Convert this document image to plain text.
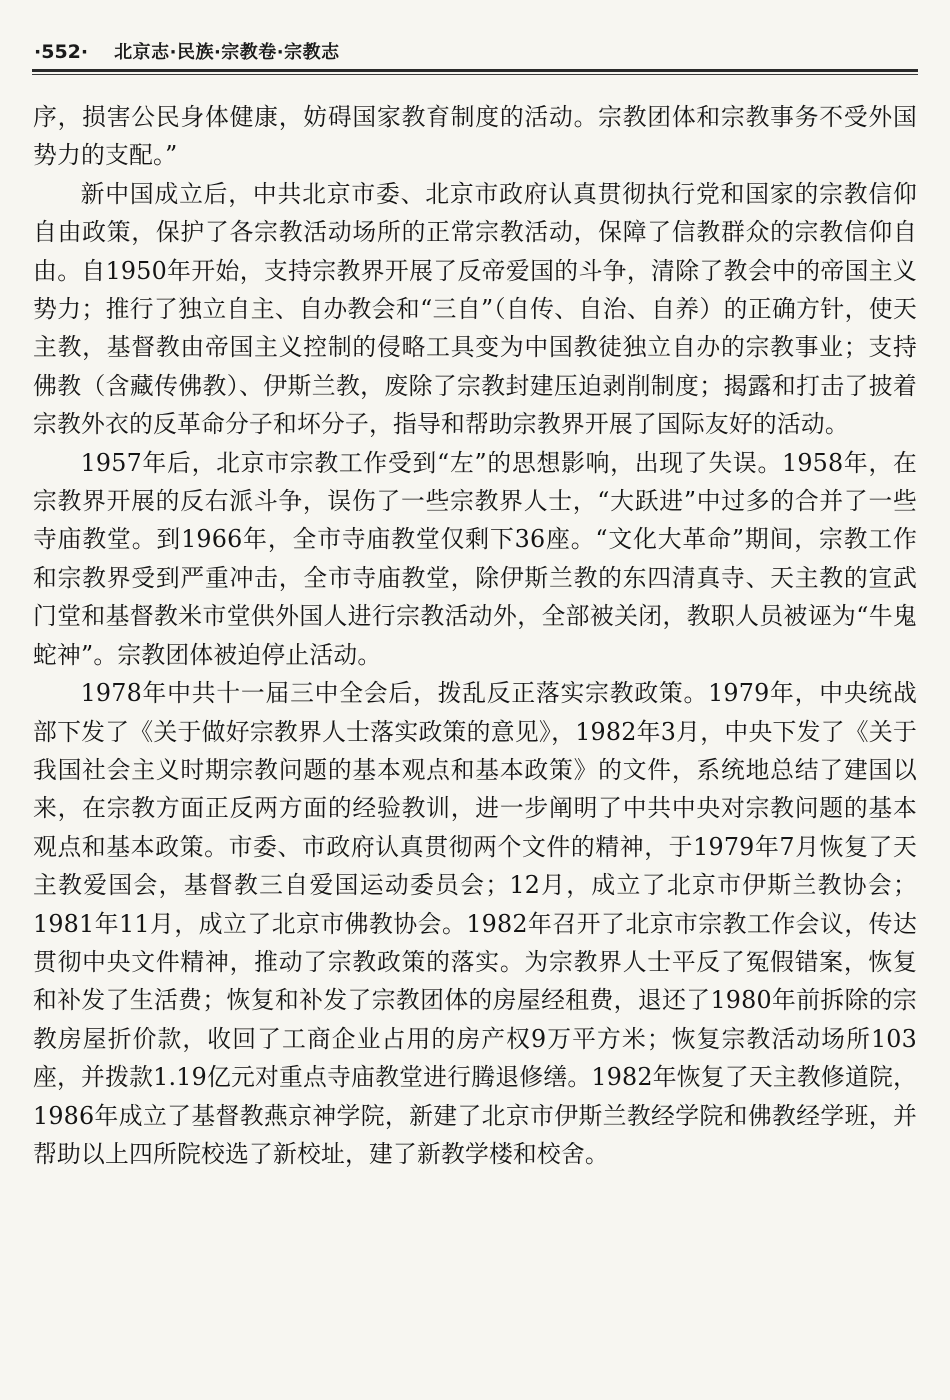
·552· 北京志·民族·宗教卷·宗教志

序，损害公民身体健康，妨碍国家教育制度的活动。宗教团体和宗教事务不受外国势力的支配。”

新中国成立后，中共北京市委、北京市政府认真贯彻执行党和国家的宗教信仰自由政策，保护了各宗教活动场所的正常宗教活动，保障了信教群众的宗教信仰自由。自1950年开始，支持宗教界开展了反帝爱国的斗争，清除了教会中的帝国主义势力；推行了独立自主、自办教会和“三自”（自传、自治、自养）的正确方针，使天主教，基督教由帝国主义控制的侵略工具变为中国教徒独立自办的宗教事业；支持佛教（含藏传佛教）、伊斯兰教，废除了宗教封建压迫剥削制度；揭露和打击了披着宗教外衣的反革命分子和坏分子，指导和帮助宗教界开展了国际友好的活动。

1957年后，北京市宗教工作受到“左”的思想影响，出现了失误。1958年，在宗教界开展的反右派斗争，误伤了一些宗教界人士，“大跃进”中过多的合并了一些寺庙教堂。到1966年，全市寺庙教堂仅剩下36座。“文化大革命”期间，宗教工作和宗教界受到严重冲击，全市寺庙教堂，除伊斯兰教的东四清真寺、天主教的宣武门堂和基督教米市堂供外国人进行宗教活动外，全部被关闭，教职人员被诬为“牛鬼蛇神”。宗教团体被迫停止活动。

1978年中共十一届三中全会后，拨乱反正落实宗教政策。1979年，中央统战部下发了《关于做好宗教界人士落实政策的意见》，1982年3月，中央下发了《关于我国社会主义时期宗教问题的基本观点和基本政策》的文件，系统地总结了建国以来，在宗教方面正反两方面的经验教训，进一步阐明了中共中央对宗教问题的基本观点和基本政策。市委、市政府认真贯彻两个文件的精神，于1979年7月恢复了天主教爱国会，基督教三自爱国运动委员会；12月，成立了北京市伊斯兰教协会；1981年11月，成立了北京市佛教协会。1982年召开了北京市宗教工作会议，传达贯彻中央文件精神，推动了宗教政策的落实。为宗教界人士平反了冤假错案，恢复和补发了生活费；恢复和补发了宗教团体的房屋经租费，退还了1980年前拆除的宗教房屋折价款，收回了工商企业占用的房产权9万平方米；恢复宗教活动场所103座，并拨款1.19亿元对重点寺庙教堂进行腾退修缮。1982年恢复了天主教修道院，1986年成立了基督教燕京神学院，新建了北京市伊斯兰教经学院和佛教经学班，并帮助以上四所院校选了新校址，建了新教学楼和校舍。
